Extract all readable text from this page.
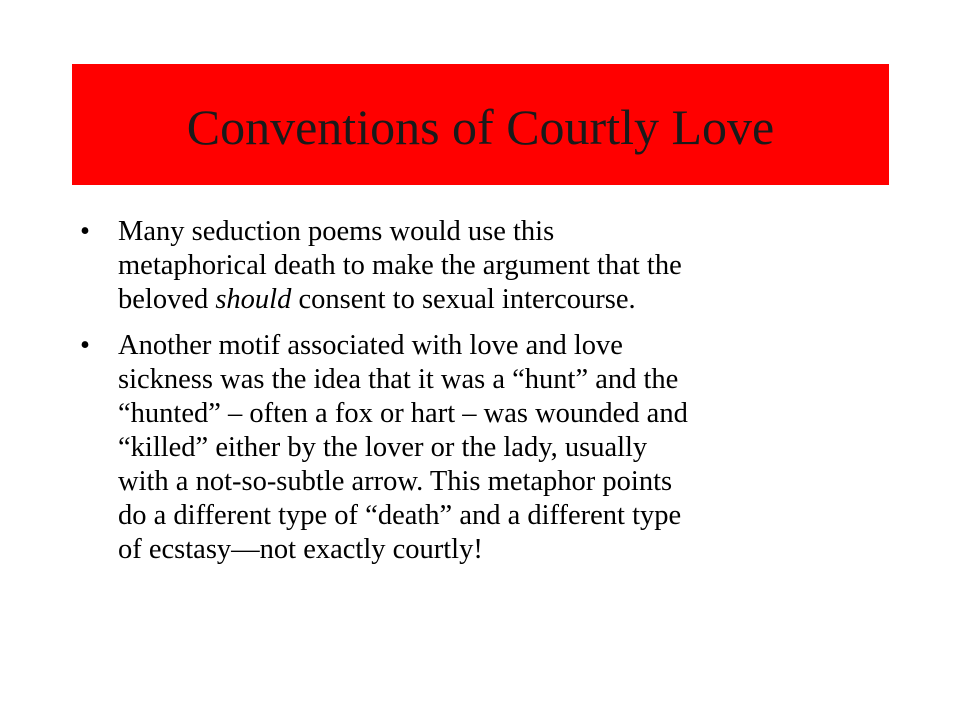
Conventions of Courtly Love
• Many seduction poems would use this
metaphorical death to make the argument that the
beloved should consent to sexual intercourse.
• Another motif associated with love and love
sickness was the idea that it was a “hunt” and the
“hunted” – often a fox or hart – was wounded and
“killed” either by the lover or the lady, usually
with a not-so-subtle arrow. This metaphor points
do a different type of “death” and a different type
of ecstasy—not exactly courtly!
